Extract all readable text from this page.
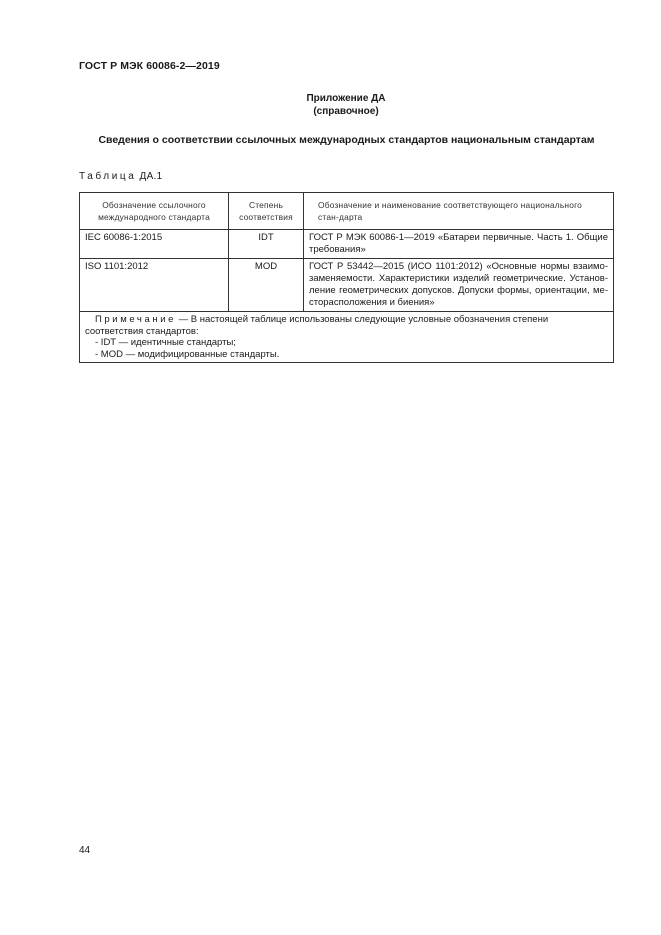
ГОСТ Р МЭК 60086-2—2019
Приложение ДА
(справочное)
Сведения о соответствии ссылочных международных стандартов национальным стандартам
Таблица ДА.1
Обозначение ссылочного международного стандарта	Степень соответствия	Обозначение и наименование соответствующего национального стан-дарта
IEC 60086-1:2015	IDT	ГОСТ Р МЭК 60086-1—2019 «Батареи первичные. Часть 1. Общие требования»
ISO 1101:2012	MOD	ГОСТ Р 53442—2015 (ИСО 1101:2012) «Основные нормы взаимо-заменяемости. Характеристики изделий геометрические. Установ-ление геометрических допусков. Допуски формы, ориентации, ме-сторасположения и биения»

Примечание — В настоящей таблице использованы следующие условные обозначения степени соответствия стандартов:
- IDT — идентичные стандарты;
- MOD — модифицированные стандарты.		
44
